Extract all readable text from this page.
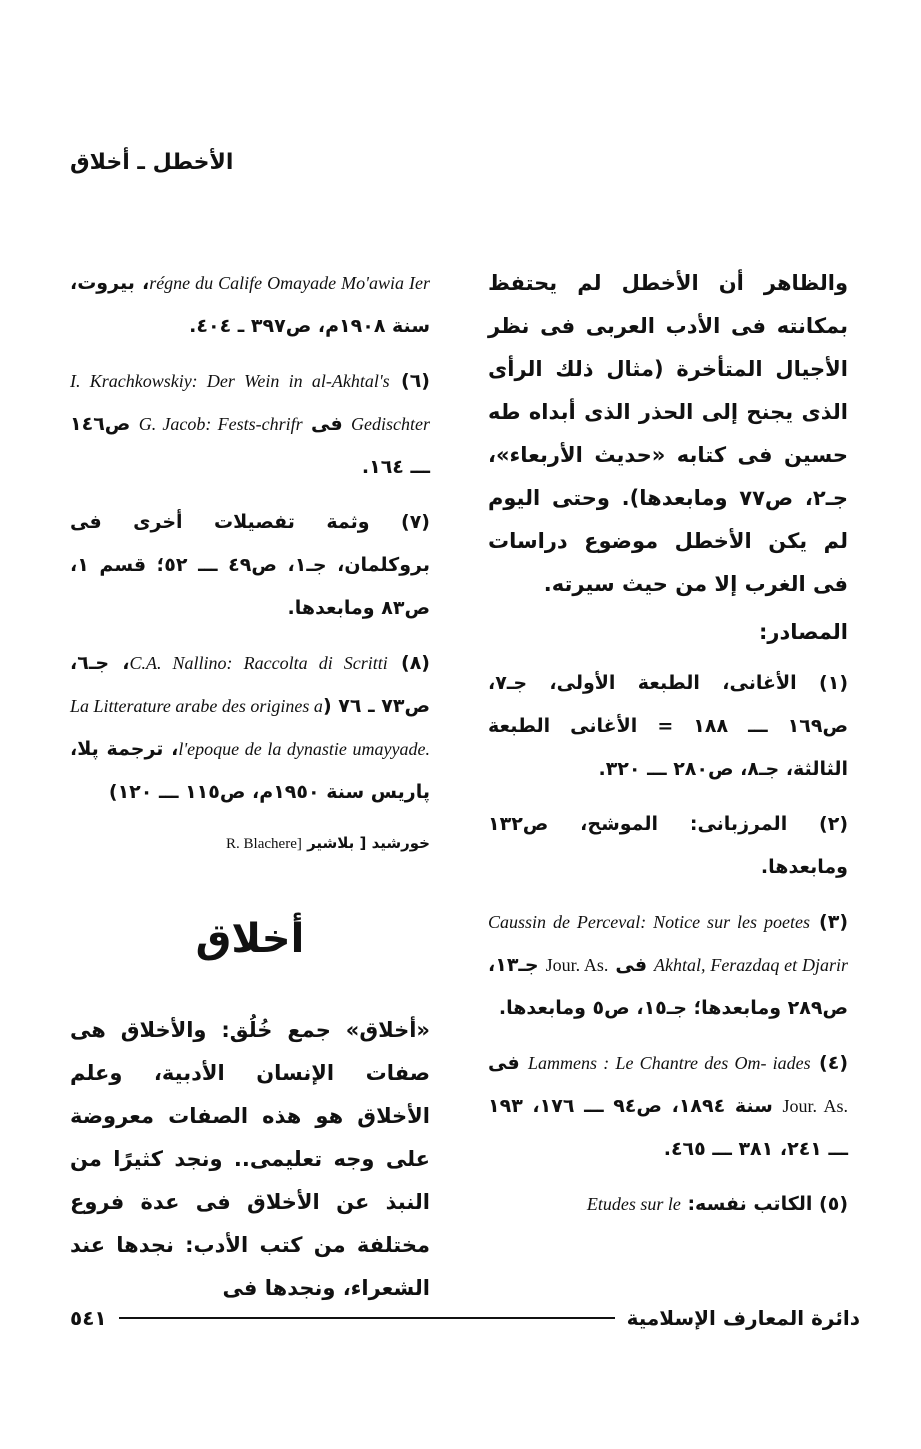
الأخطل ـ أخلاق

والظاهر أن الأخطل لم يحتفظ بمكانته فى الأدب العربى فى نظر الأجيال المتأخرة (مثال ذلك الرأى الذى يجنح إلى الحذر الذى أبداه طه حسين فى كتابه «حديث الأربعاء»، جـ٢، ص٧٧ ومابعدها). وحتى اليوم لم يكن الأخطل موضوع دراسات فى الغرب إلا من حيث سيرته.

المصادر:

(١) الأغانى، الطبعة الأولى، جـ٧، ص١٦٩ ـــ ١٨٨ = الأغانى الطبعة الثالثة، جـ٨، ص٢٨٠ ـــ ٣٢٠.

(٢) المرزبانى: الموشح، ص١٣٢ ومابعدها.

(٣) Caussin de Perceval: Notice sur les poetes Akhtal, Ferazdaq et Djarir فى Jour. As. جـ١٣، ص٢٨٩ ومابعدها؛ جـ١٥، ص٥ ومابعدها.

(٤) Lammens : Le Chantre des Om- iades فى Jour. As. سنة ١٨٩٤، ص٩٤ ـــ ١٧٦، ١٩٣ ـــ ٢٤١، ٣٨١ ـــ ٤٦٥.

(٥) الكاتب نفسه: Etudes sur le

régne du Calife Omayade Mo'awia Ier، بيروت، سنة ١٩٠٨م، ص٣٩٧ ـ ٤٠٤.

(٦) I. Krachkowskiy: Der Wein in al-Akhtal's Gedischter فى G. Jacob: Fests-chrifr ص١٤٦ ـــ ١٦٤.

(٧) وثمة تفصيلات أخرى فى بروكلمان، جـ١، ص٤٩ ـــ ٥٢؛ قسم ١، ص٨٣ ومابعدها.

(٨) C.A. Nallino: Raccolta di Scritti، جـ٦، ص٧٣ ـ ٧٦ (La Litterature arabe des origines a l'epoque de la dynastie umayyade.، ترجمة پلا، پاريس سنة ١٩٥٠م، ص١١٥ ـــ ١٢٠)

خورشيد [ بلاشير R. Blachere]
أخلاق

«أخلاق» جمع خُلُق: والأخلاق هى صفات الإنسان الأدبية، وعلم الأخلاق هو هذه الصفات معروضة على وجه تعليمى.. ونجد كثيرًا من النبذ عن الأخلاق فى عدة فروع مختلفة من كتب الأدب: نجدها عند الشعراء، ونجدها فى

دائرة المعارف الإسلامية
٥٤١
